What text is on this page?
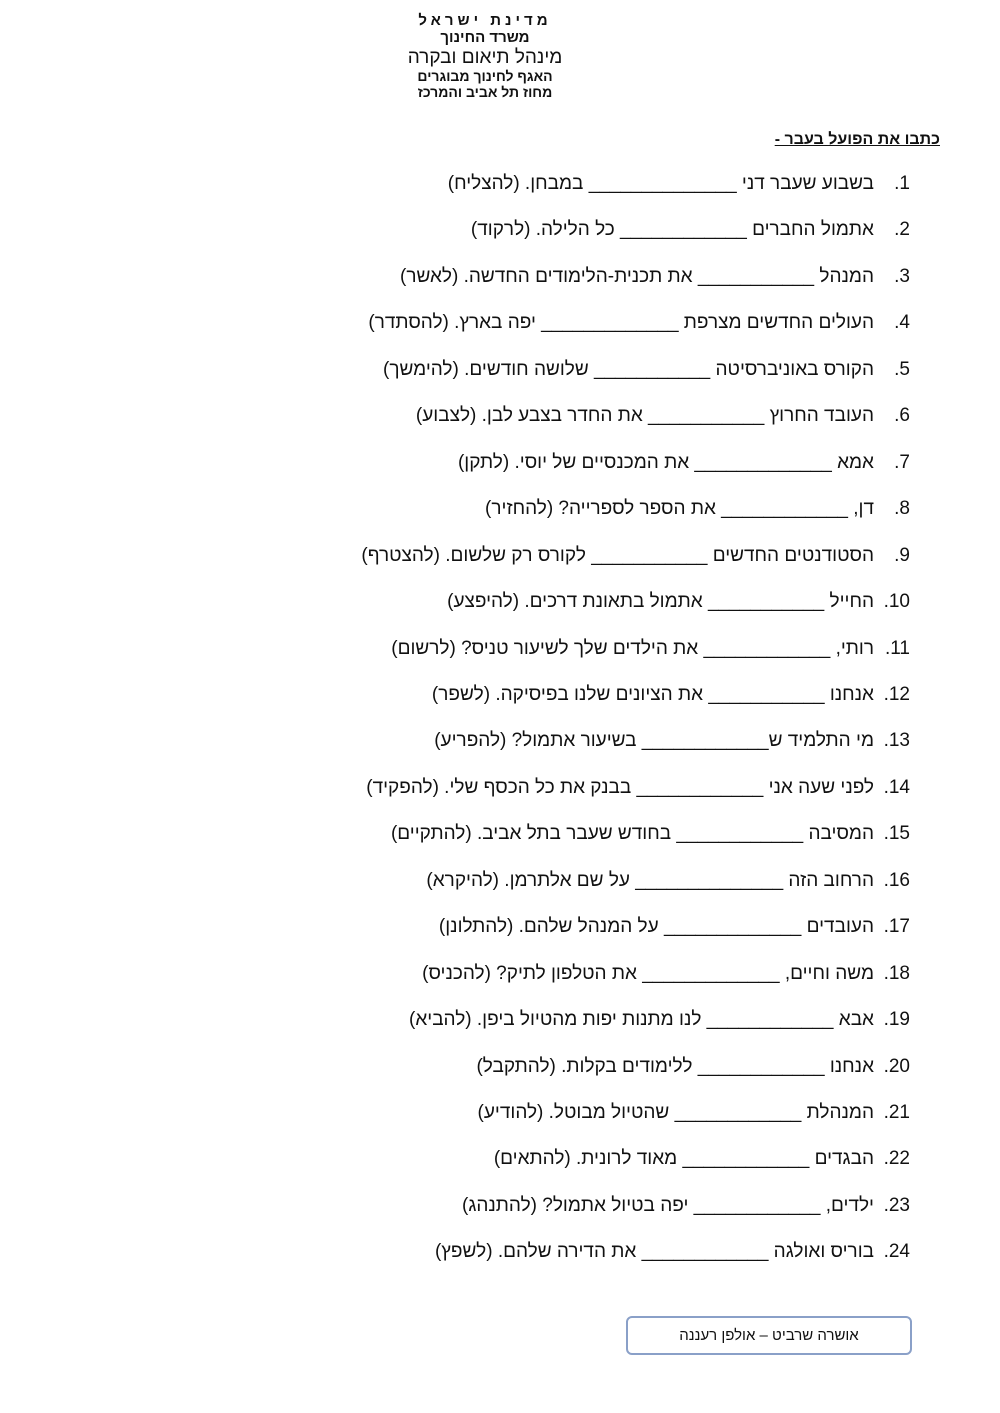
מדינת ישראל
משרד החינוך
מינהל תיאום ובקרה
האגף לחינוך מבוגרים
מחוז תל אביב והמרכז
כתבו את הפועל בעבר -
1.
בשבוע שעבר דני ______________ במבחן. (להצליח)
2.
אתמול החברים ____________ כל הלילה. (לרקוד)
3.
המנהל ___________ את תכנית-הלימודים החדשה. (לאשר)
4.
העולים החדשים מצרפת _____________ יפה בארץ. (להסתדר)
5.
הקורס באוניברסיטה ___________ שלושה חודשים. (להימשך)
6.
העובד החרוץ ___________ את החדר בצבע לבן. (לצבוע)
7.
אמא _____________ את המכנסיים של יוסי. (לתקן)
8.
דן, ____________ את הספר לספרייה? (להחזיר)
9.
הסטודנטים החדשים ___________ לקורס רק שלשום. (להצטרף)
10.
החייל ___________ אתמול בתאונת דרכים. (להיפצע)
11.
רותי, ____________ את הילדים שלך לשיעור טניס? (לרשום)
12.
אנחנו ___________ את הציונים שלנו בפיסיקה. (לשפר)
13.
מי התלמיד ש____________ בשיעור אתמול? (להפריע)
14.
לפני שעה אני ____________ בבנק את כל הכסף שלי. (להפקיד)
15.
המסיבה ____________ בחודש שעבר בתל אביב. (להתקיים)
16.
הרחוב הזה ______________ על שם אלתרמן. (להיקרא)
17.
העובדים _____________ על המנהל שלהם. (להתלונן)
18.
משה וחיים, _____________ את הטלפון לתיק? (להכניס)
19.
אבא ____________ לנו מתנות יפות מהטיול ביפן. (להביא)
20.
אנחנו ____________ ללימודים בקלות. (להתקבל)
21.
המנהלת ____________ שהטיול מבוטל. (להודיע)
22.
הבגדים ____________ מאוד לרונית. (להתאים)
23.
ילדים, ____________ יפה בטיול אתמול? (להתנהג)
24.
בוריס ואולגה ____________ את הדירה שלהם. (לשפץ)
אושרה שרביט – אולפן רעננה
